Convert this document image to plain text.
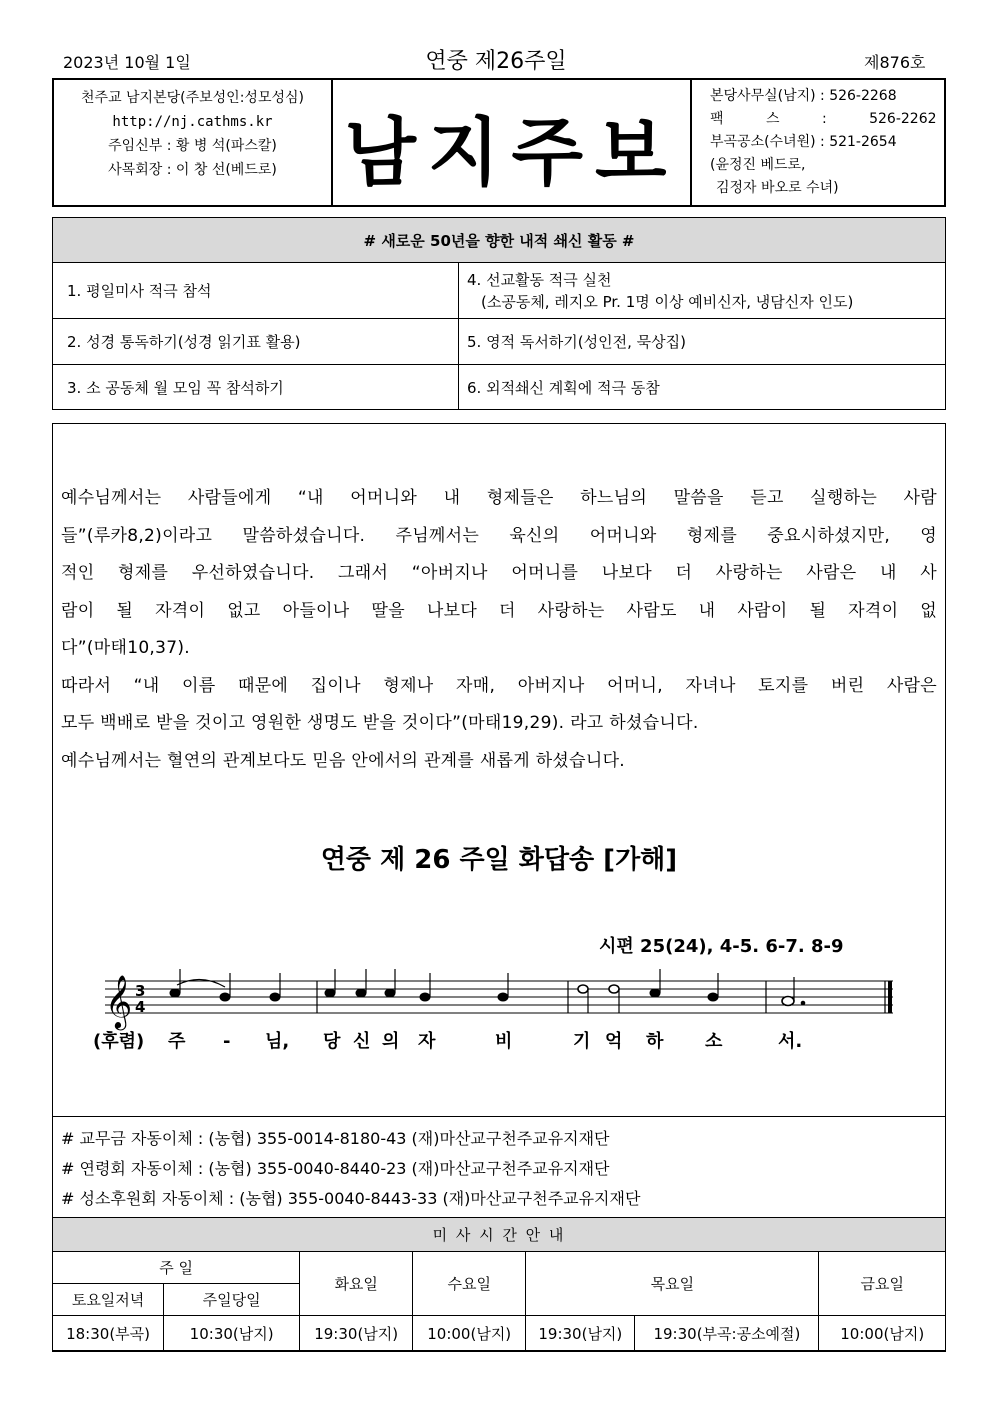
2023년 10월 1일	연중 제26주일	제876호
천주교 남지본당(주보성인:성모성심)
http://nj.cathms.kr
주임신부 : 황 병 석(파스칼)
사목회장 : 이 창 선(베드로) 남지주보
본당사무실(남지) : 526-2268
팩 스 : 526-2262
부곡공소(수녀원) : 521-2654
(윤정진 베드로,
김정자 바오로 수녀)
# 새로운 50년을 향한 내적 쇄신 활동 #	
1. 평일미사 적극 참석	4. 선교활동 적극 실천
(소공동체, 레지오 Pr. 1명 이상 예비신자, 냉담신자 인도)

2. 성경 통독하기(성경 읽기표 활용)	5. 영적 독서하기(성인전, 묵상집)
3. 소 공동체 월 모임 꼭 참석하기	6. 외적쇄신 계획에 적극 동참
예수님께서는 사람들에게 “내 어머니와 내 형제들은 하느님의 말씀을 듣고 실행하는 사람
들”(루카8,2)이라고 말씀하셨습니다. 주님께서는 육신의 어머니와 형제를 중요시하셨지만, 영
적인 형제를 우선하였습니다. 그래서 “아버지나 어머니를 나보다 더 사랑하는 사람은 내 사
람이 될 자격이 없고 아들이나 딸을 나보다 더 사랑하는 사람도 내 사람이 될 자격이 없
다”(마태10,37).
따라서 “내 이름 때문에 집이나 형제나 자매, 아버지나 어머니, 자녀나 토지를 버린 사람은
모두 백배로 받을 것이고 영원한 생명도 받을 것이다”(마태19,29). 라고 하셨습니다.
예수님께서는 혈연의 관계보다도 믿음 안에서의 관계를 새롭게 하셨습니다.
연중 제 26 주일 화답송 [가해]
시편 25(24), 4-5. 6-7. 8-9
𝄞 3
4
(후렴) 주 - 님, 당 신 의 자	비	기 억 하 소	서.
# 교무금 자동이체 : (농협) 355-0014-8180-43 (재)마산교구천주교유지재단
# 연령회 자동이체 : (농협) 355-0040-8440-23 (재)마산교구천주교유지재단
# 성소후원회 자동이체 : (농협) 355-0040-8443-33 (재)마산교구천주교유지재단
미 사 시 간 안 내						
주 일		화요일	수요일	목요일		금요일
토요일저녁	주일당일					
18:30(부곡)	10:30(남지)	19:30(남지)	10:00(남지)	19:30(남지)	19:30(부곡:공소예절)	10:00(남지)
